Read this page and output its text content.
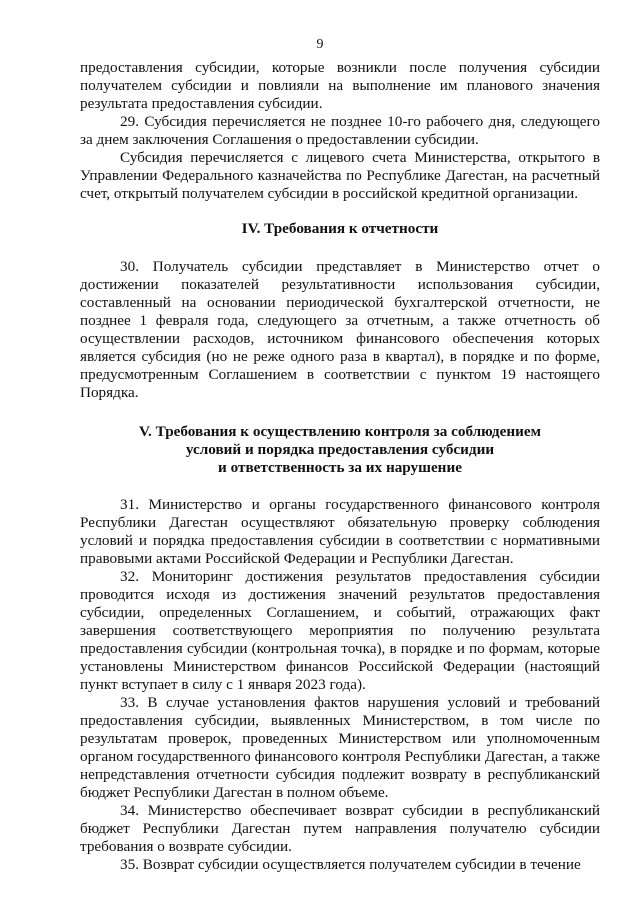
9

предоставления субсидии, которые возникли после получения субсидии получателем субсидии и повлияли на выполнение им планового значения результата предоставления субсидии.

29. Субсидия перечисляется не позднее 10-го рабочего дня, следующего за днем заключения Соглашения о предоставлении субсидии.

Субсидия перечисляется с лицевого счета Министерства, открытого в Управлении Федерального казначейства по Республике Дагестан, на расчетный счет, открытый получателем субсидии в российской кредитной организации.

IV. Требования к отчетности

30. Получатель субсидии представляет в Министерство отчет о достижении показателей результативности использования субсидии, составленный на основании периодической бухгалтерской отчетности, не позднее 1 февраля года, следующего за отчетным, а также отчетность об осуществлении расходов, источником финансового обеспечения которых является субсидия (но не реже одного раза в квартал), в порядке и по форме, предусмотренным Соглашением в соответствии с пунктом 19 настоящего Порядка.

V. Требования к осуществлению контроля за соблюдением
условий и порядка предоставления субсидии
и ответственность за их нарушение

31. Министерство и органы государственного финансового контроля Республики Дагестан осуществляют обязательную проверку соблюдения условий и порядка предоставления субсидии в соответствии с нормативными правовыми актами Российской Федерации и Республики Дагестан.

32. Мониторинг достижения результатов предоставления субсидии проводится исходя из достижения значений результатов предоставления субсидии, определенных Соглашением, и событий, отражающих факт завершения соответствующего мероприятия по получению результата предоставления субсидии (контрольная точка), в порядке и по формам, которые установлены Министерством финансов Российской Федерации (настоящий пункт вступает в силу с 1 января 2023 года).

33. В случае установления фактов нарушения условий и требований предоставления субсидии, выявленных Министерством, в том числе по результатам проверок, проведенных Министерством или уполномоченным органом государственного финансового контроля Республики Дагестан, а также непредставления отчетности субсидия подлежит возврату в республиканский бюджет Республики Дагестан в полном объеме.

34. Министерство обеспечивает возврат субсидии в республиканский бюджет Республики Дагестан путем направления получателю субсидии требования о возврате субсидии.

35. Возврат субсидии осуществляется получателем субсидии в течение
